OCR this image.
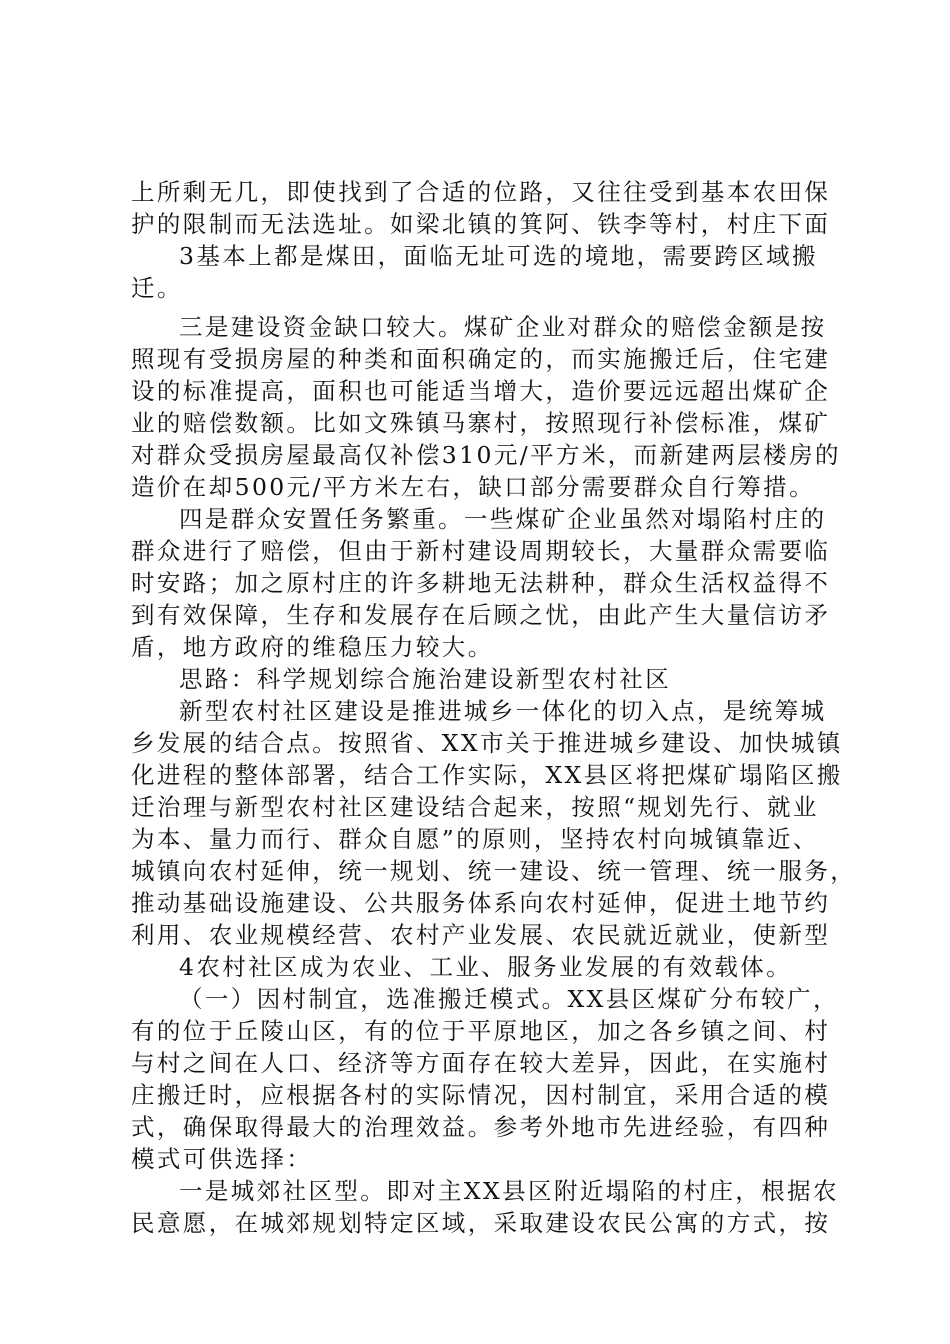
上所剩无几，即使找到了合适的位路，又往往受到基本农田保
护的限制而无法选址。如梁北镇的箕阿、铁李等村，村庄下面
3基本上都是煤田，面临无址可选的境地，需要跨区域搬
迁。
三是建设资金缺口较大。煤矿企业对群众的赔偿金额是按
照现有受损房屋的种类和面积确定的，而实施搬迁后，住宅建
设的标准提高，面积也可能适当增大，造价要远远超出煤矿企
业的赔偿数额。比如文殊镇马寨村，按照现行补偿标准，煤矿
对群众受损房屋最高仅补偿310元/平方米，而新建两层楼房的
造价在却500元/平方米左右，缺口部分需要群众自行筹措。
四是群众安置任务繁重。一些煤矿企业虽然对塌陷村庄的
群众进行了赔偿，但由于新村建设周期较长，大量群众需要临
时安路；加之原村庄的许多耕地无法耕种，群众生活权益得不
到有效保障，生存和发展存在后顾之忧，由此产生大量信访矛
盾，地方政府的维稳压力较大。
思路：科学规划综合施治建设新型农村社区
新型农村社区建设是推进城乡一体化的切入点，是统筹城
乡发展的结合点。按照省、XX市关于推进城乡建设、加快城镇
化进程的整体部署，结合工作实际，XX县区将把煤矿塌陷区搬
迁治理与新型农村社区建设结合起来，按照“规划先行、就业
为本、量力而行、群众自愿”的原则，坚持农村向城镇靠近、
城镇向农村延伸，统一规划、统一建设、统一管理、统一服务，
推动基础设施建设、公共服务体系向农村延伸，促进土地节约
利用、农业规模经营、农村产业发展、农民就近就业，使新型
4农村社区成为农业、工业、服务业发展的有效载体。
（一）因村制宜，选准搬迁模式。XX县区煤矿分布较广，
有的位于丘陵山区，有的位于平原地区，加之各乡镇之间、村
与村之间在人口、经济等方面存在较大差异，因此，在实施村
庄搬迁时，应根据各村的实际情况，因村制宜，采用合适的模
式，确保取得最大的治理效益。参考外地市先进经验，有四种
模式可供选择：
一是城郊社区型。即对主XX县区附近塌陷的村庄，根据农
民意愿，在城郊规划特定区域，采取建设农民公寓的方式，按
